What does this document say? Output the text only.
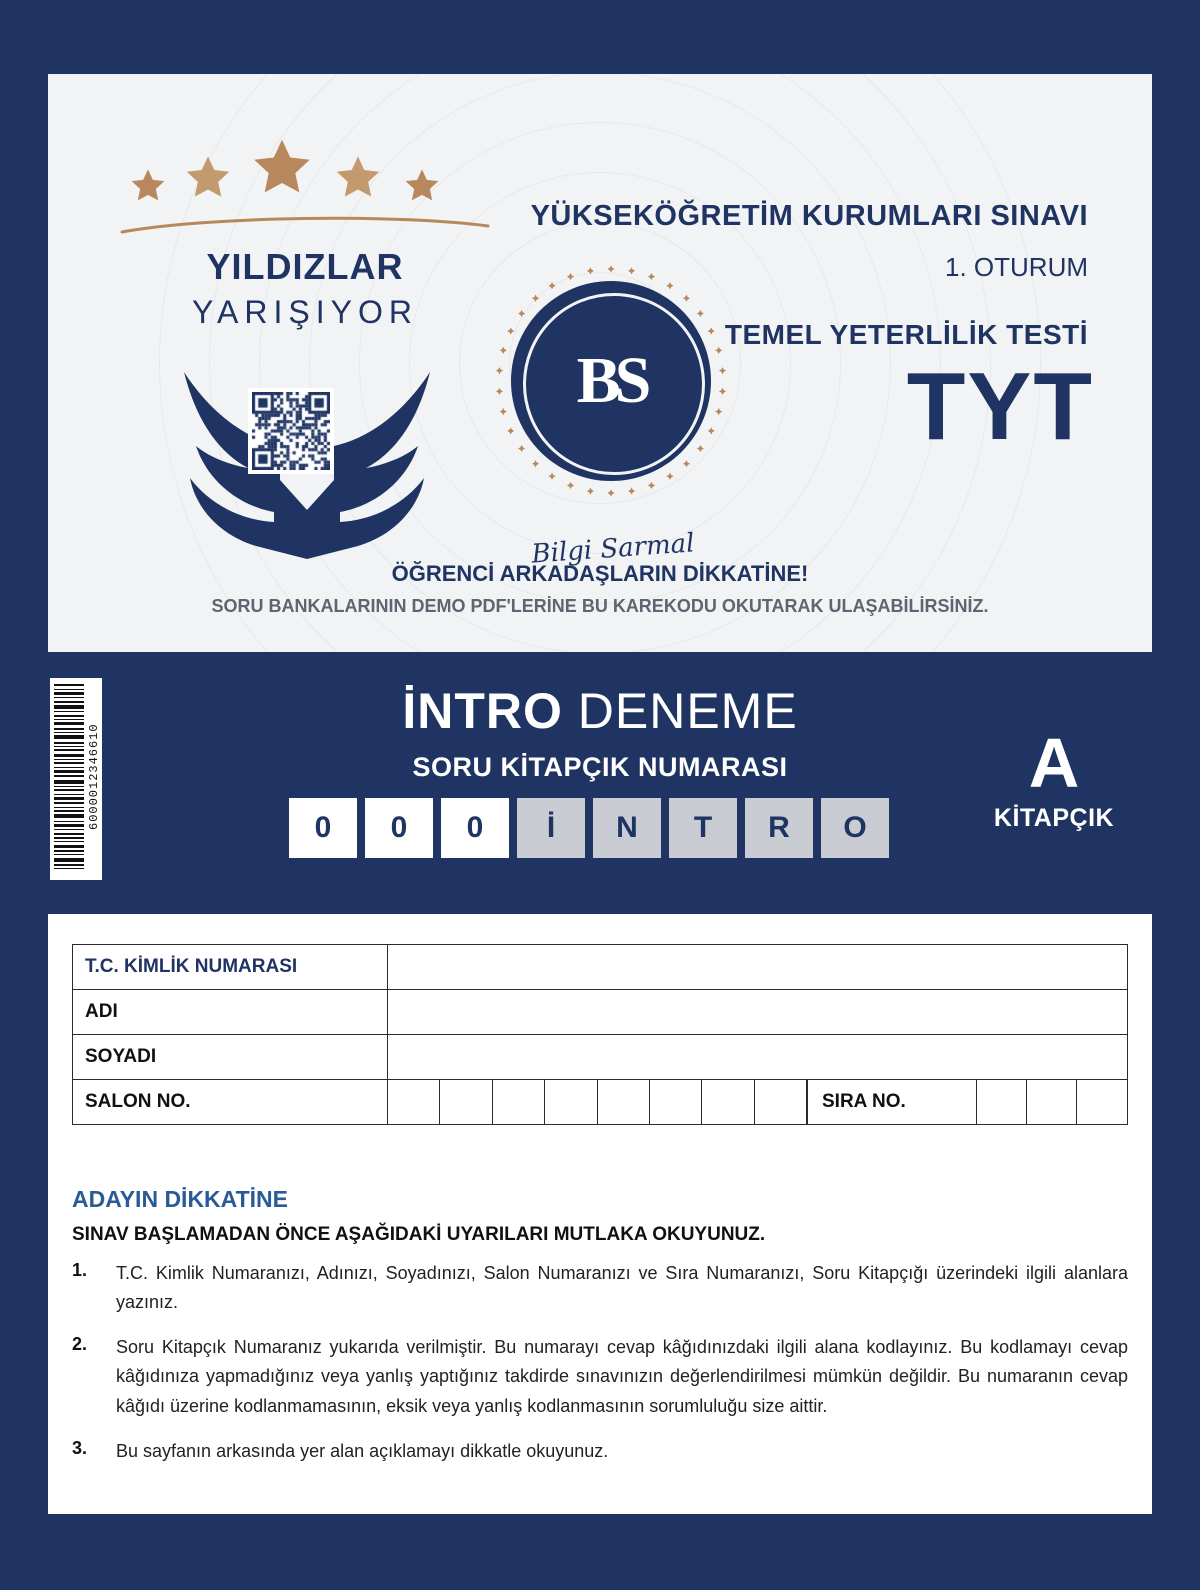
YILDIZLAR
YARIŞIYOR
BS
Bilgi Sarmal
YÜKSEKÖĞRETİM KURUMLARI SINAVI
1. OTURUM
TEMEL YETERLİLİK TESTİ
TYT
ÖĞRENCİ ARKADAŞLARIN DİKKATİNE!
SORU BANKALARININ DEMO PDF'LERİNE BU KAREKODU OKUTARAK ULAŞABİLİRSİNİZ.
6000012346610
İNTRO DENEME
SORU KİTAPÇIK NUMARASI
0	0	0	İ	N	T	R	O
A
KİTAPÇIK
T.C. KİMLİK NUMARASI	
ADI	
SOYADI	
SALON NO.	SIRA NO.
ADAYIN DİKKATİNE
SINAV BAŞLAMADAN ÖNCE AŞAĞIDAKİ UYARILARI MUTLAKA OKUYUNUZ.
1.	T.C. Kimlik Numaranızı, Adınızı, Soyadınızı, Salon Numaranızı ve Sıra Numaranızı, Soru Kitapçığı üzerindeki ilgili alanlara yazınız.
2.	Soru Kitapçık Numaranız yukarıda verilmiştir. Bu numarayı cevap kâğıdınızdaki ilgili alana kodlayınız. Bu kodlamayı cevap kâğıdınıza yapmadığınız veya yanlış yaptığınız takdirde sınavınızın değerlendirilmesi mümkün değildir. Bu numaranın cevap kâğıdı üzerine kodlanmamasının, eksik veya yanlış kodlanmasının sorumluluğu size aittir.
3.	Bu sayfanın arkasında yer alan açıklamayı dikkatle okuyunuz.
